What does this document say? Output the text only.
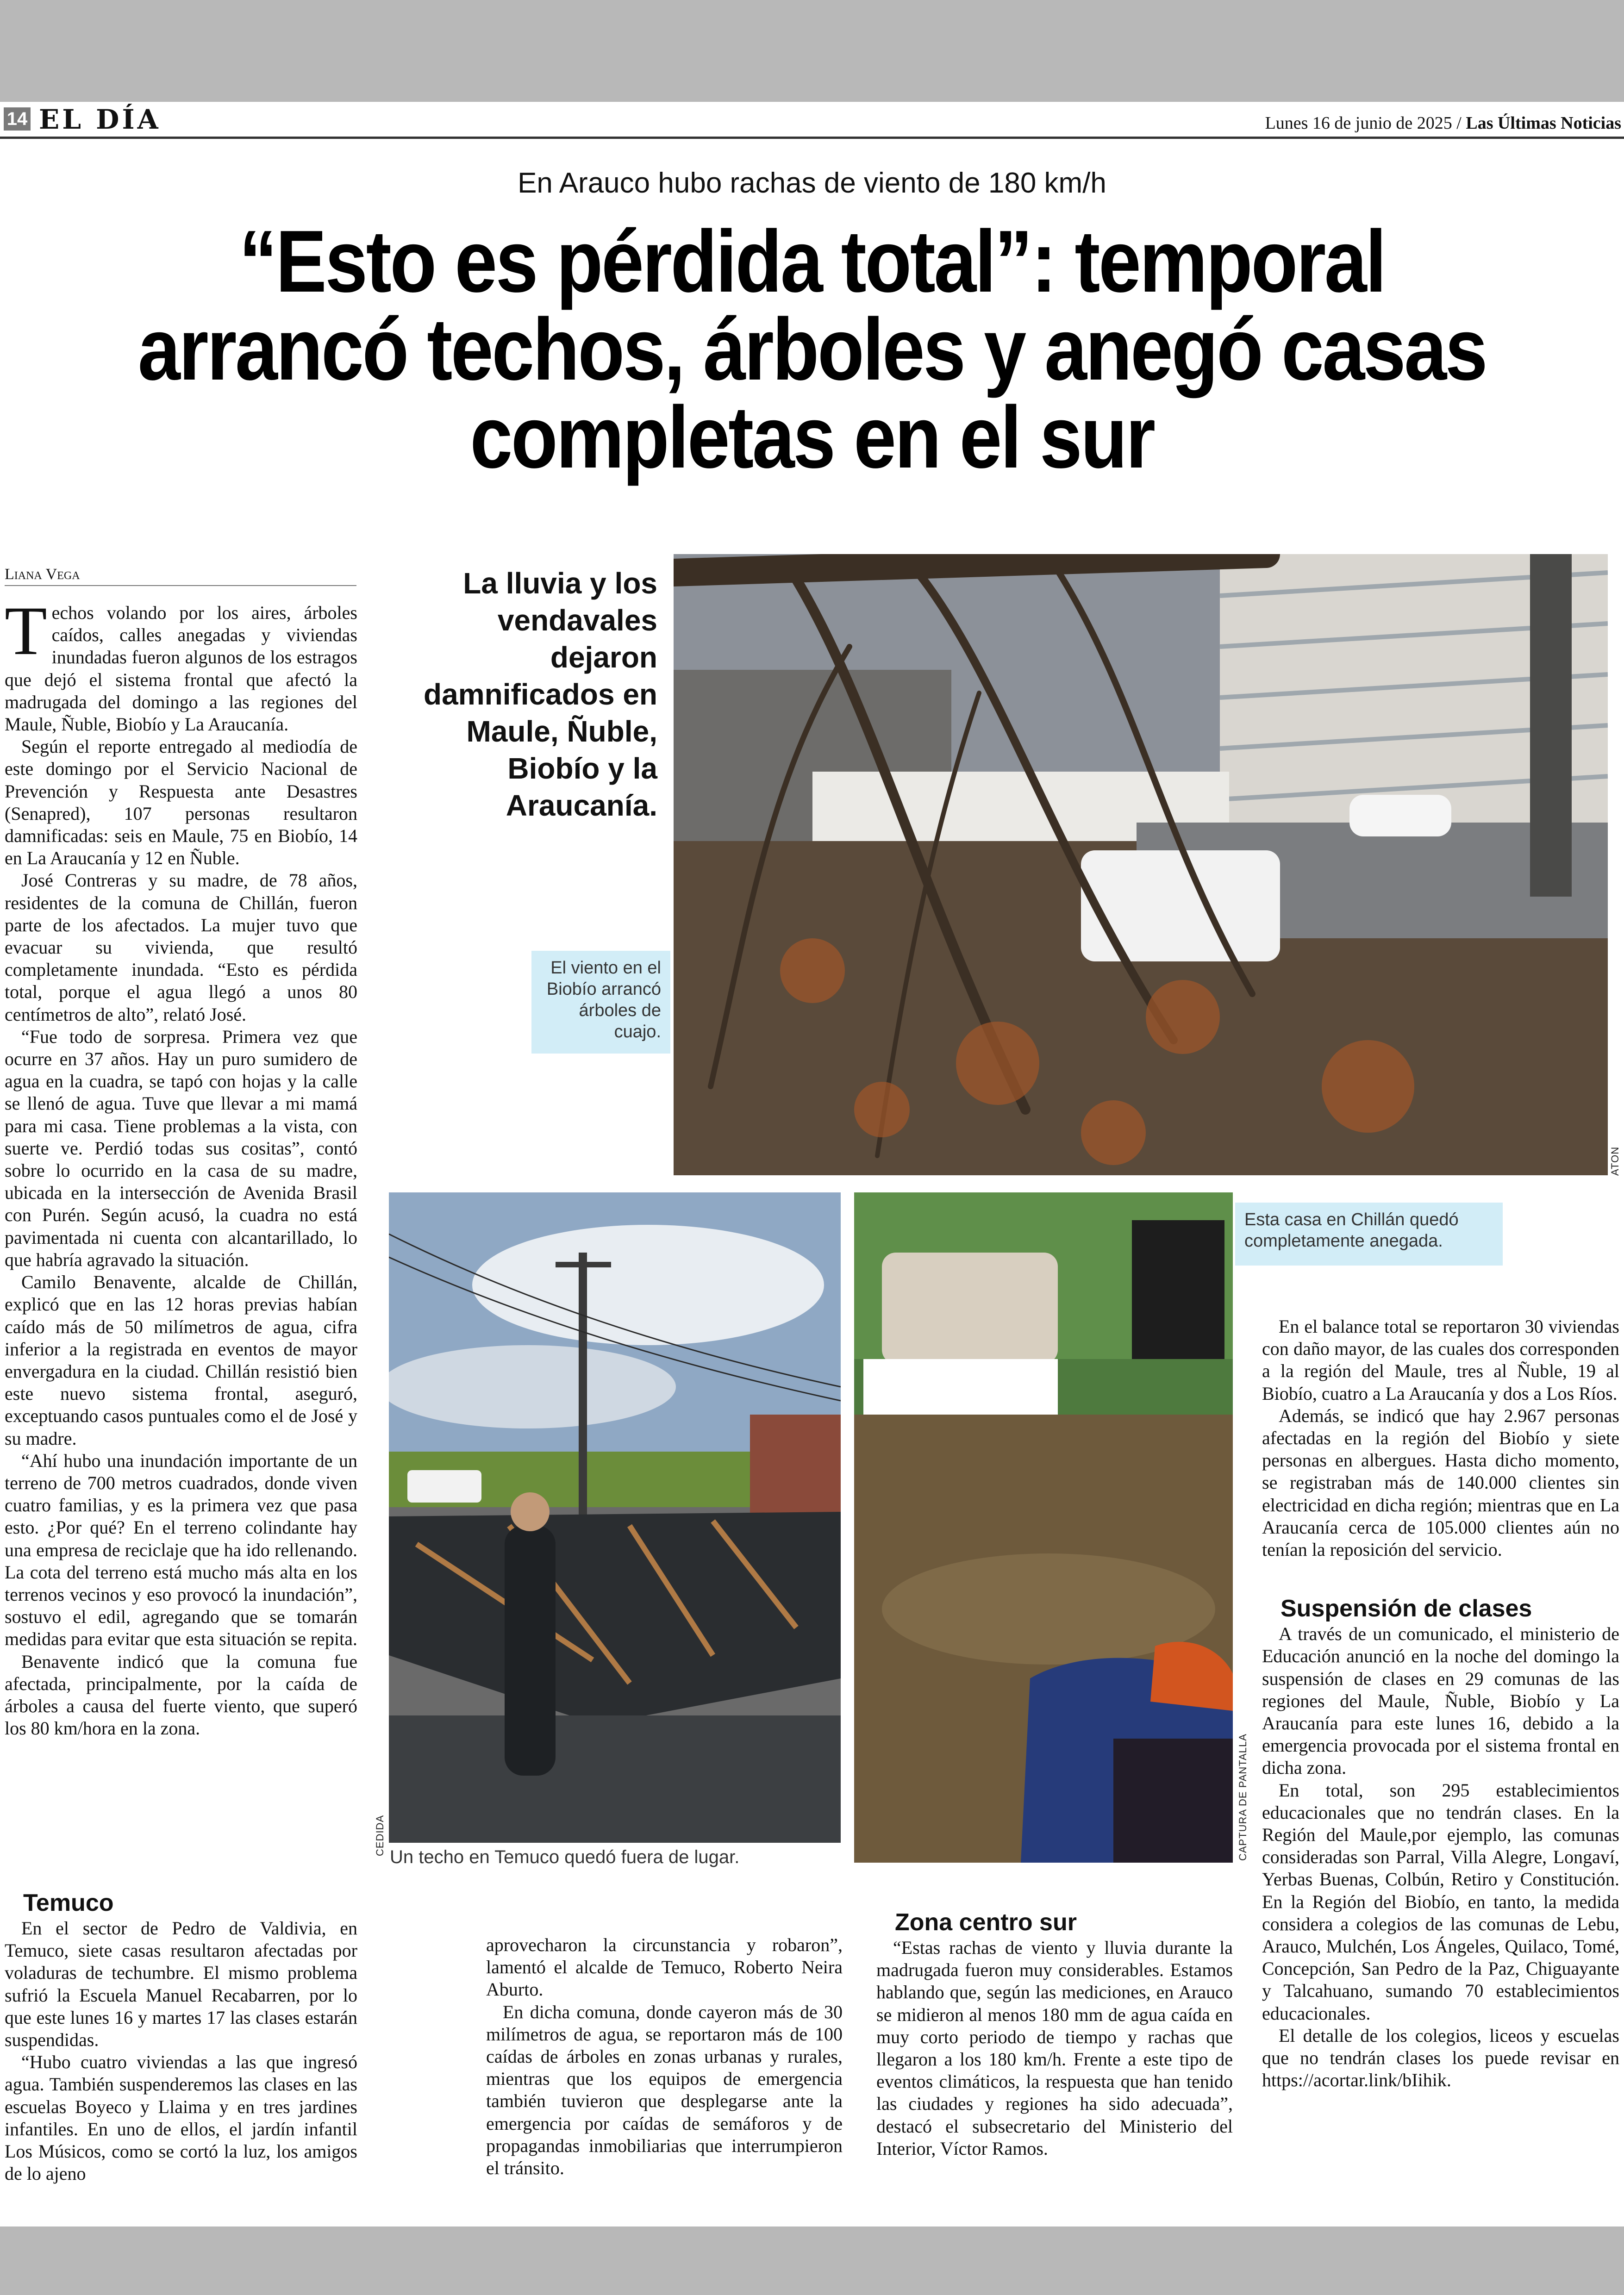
14 EL DÍA	Lunes 16 de junio de 2025 / Las Últimas Noticias
En Arauco hubo rachas de viento de 180 km/h
“Esto es pérdida total”: temporal
arrancó techos, árboles y anegó casas
completas en el sur
Liana Vega

Techos volando por los aires, árboles caídos, calles anegadas y viviendas inundadas fueron algunos de los estragos que dejó el sistema frontal que afectó la madrugada del domingo a las regiones del Maule, Ñuble, Biobío y La Araucanía.

Según el reporte entregado al mediodía de este domingo por el Servicio Nacional de Prevención y Respuesta ante Desastres (Senapred), 107 personas resultaron damnificadas: seis en Maule, 75 en Biobío, 14 en La Araucanía y 12 en Ñuble.

José Contreras y su madre, de 78 años, residentes de la comuna de Chillán, fueron parte de los afectados. La mujer tuvo que evacuar su vivienda, que resultó completamente inundada. “Esto es pérdida total, porque el agua llegó a unos 80 centímetros de alto”, relató José.

“Fue todo de sorpresa. Primera vez que ocurre en 37 años. Hay un puro sumidero de agua en la cuadra, se tapó con hojas y la calle se llenó de agua. Tuve que llevar a mi mamá para mi casa. Tiene problemas a la vista, con suerte ve. Perdió todas sus cositas”, contó sobre lo ocurrido en la casa de su madre, ubicada en la intersección de Avenida Brasil con Purén. Según acusó, la cuadra no está pavimentada ni cuenta con alcantarillado, lo que habría agravado la situación.

Camilo Benavente, alcalde de Chillán, explicó que en las 12 horas previas habían caído más de 50 milímetros de agua, cifra inferior a la registrada en eventos de mayor envergadura en la ciudad. Chillán resistió bien este nuevo sistema frontal, aseguró, exceptuando casos puntuales como el de José y su madre.

“Ahí hubo una inundación importante de un terreno de 700 metros cuadrados, donde viven cuatro familias, y es la primera vez que pasa esto. ¿Por qué? En el terreno colindante hay una empresa de reciclaje que ha ido rellenando. La cota del terreno está mucho más alta en los terrenos vecinos y eso provocó la inundación”, sostuvo el edil, agregando que se tomarán medidas para evitar que esta situación se repita.

Benavente indicó que la comuna fue afectada, principalmente, por la caída de árboles a causa del fuerte viento, que superó los 80 km/hora en la zona.

Temuco

En el sector de Pedro de Valdivia, en Temuco, siete casas resultaron afectadas por voladuras de techumbre. El mismo problema sufrió la Escuela Manuel Recabarren, por lo que este lunes 16 y martes 17 las clases estarán suspendidas.

“Hubo cuatro viviendas a las que ingresó agua. También suspenderemos las clases en las escuelas Boyeco y Llaima y en tres jardines infantiles. En uno de ellos, el jardín infantil Los Músicos, como se cortó la luz, los amigos de lo ajeno

aprovecharon la circunstancia y robaron”, lamentó el alcalde de Temuco, Roberto Neira Aburto.

En dicha comuna, donde cayeron más de 30 milímetros de agua, se reportaron más de 100 caídas de árboles en zonas urbanas y rurales, mientras que los equipos de emergencia también tuvieron que desplegarse ante la emergencia por caídas de semáforos y de propagandas inmobiliarias que interrumpieron el tránsito.

Zona centro sur

“Estas rachas de viento y lluvia durante la madrugada fueron muy considerables. Estamos hablando que, según las mediciones, en Arauco se midieron al menos 180 mm de agua caída en muy corto periodo de tiempo y rachas que llegaron a los 180 km/h. Frente a este tipo de eventos climáticos, la respuesta que han tenido las ciudades y regiones ha sido adecuada”, destacó el subsecretario del Ministerio del Interior, Víctor Ramos.

En el balance total se reportaron 30 viviendas con daño mayor, de las cuales dos corresponden a la región del Maule, tres al Ñuble, 19 al Biobío, cuatro a La Araucanía y dos a Los Ríos.

Además, se indicó que hay 2.967 personas afectadas en la región del Biobío y siete personas en albergues. Hasta dicho momento, se registraban más de 140.000 clientes sin electricidad en dicha región; mientras que en La Araucanía cerca de 105.000 clientes aún no tenían la reposición del servicio.

Suspensión de clases

A través de un comunicado, el ministerio de Educación anunció en la noche del domingo la suspensión de clases en 29 comunas de las regiones del Maule, Ñuble, Biobío y La Araucanía para este lunes 16, debido a la emergencia provocada por el sistema frontal en dicha zona.

En total, son 295 establecimientos educacionales que no tendrán clases. En la Región del Maule,por ejemplo, las comunas consideradas son Parral, Villa Alegre, Longaví, Yerbas Buenas, Colbún, Retiro y Constitución. En la Región del Biobío, en tanto, la medida considera a colegios de las comunas de Lebu, Arauco, Mulchén, Los Ángeles, Quilaco, Tomé, Concepción, San Pedro de la Paz, Chiguayante y Talcahuano, sumando 70 establecimientos educacionales.

El detalle de los colegios, liceos y escuelas que no tendrán clases los puede revisar en https://acortar.link/bIihik.

La lluvia y los vendavales dejaron damnificados en Maule, Ñuble, Biobío y la Araucanía.
El viento en el Biobío arrancó árboles de cuajo.
ATON
CEDIDA
Un techo en Temuco quedó fuera de lugar.	CAPTURA DE PANTALLA
Esta casa en Chillán quedó completamente anegada.
